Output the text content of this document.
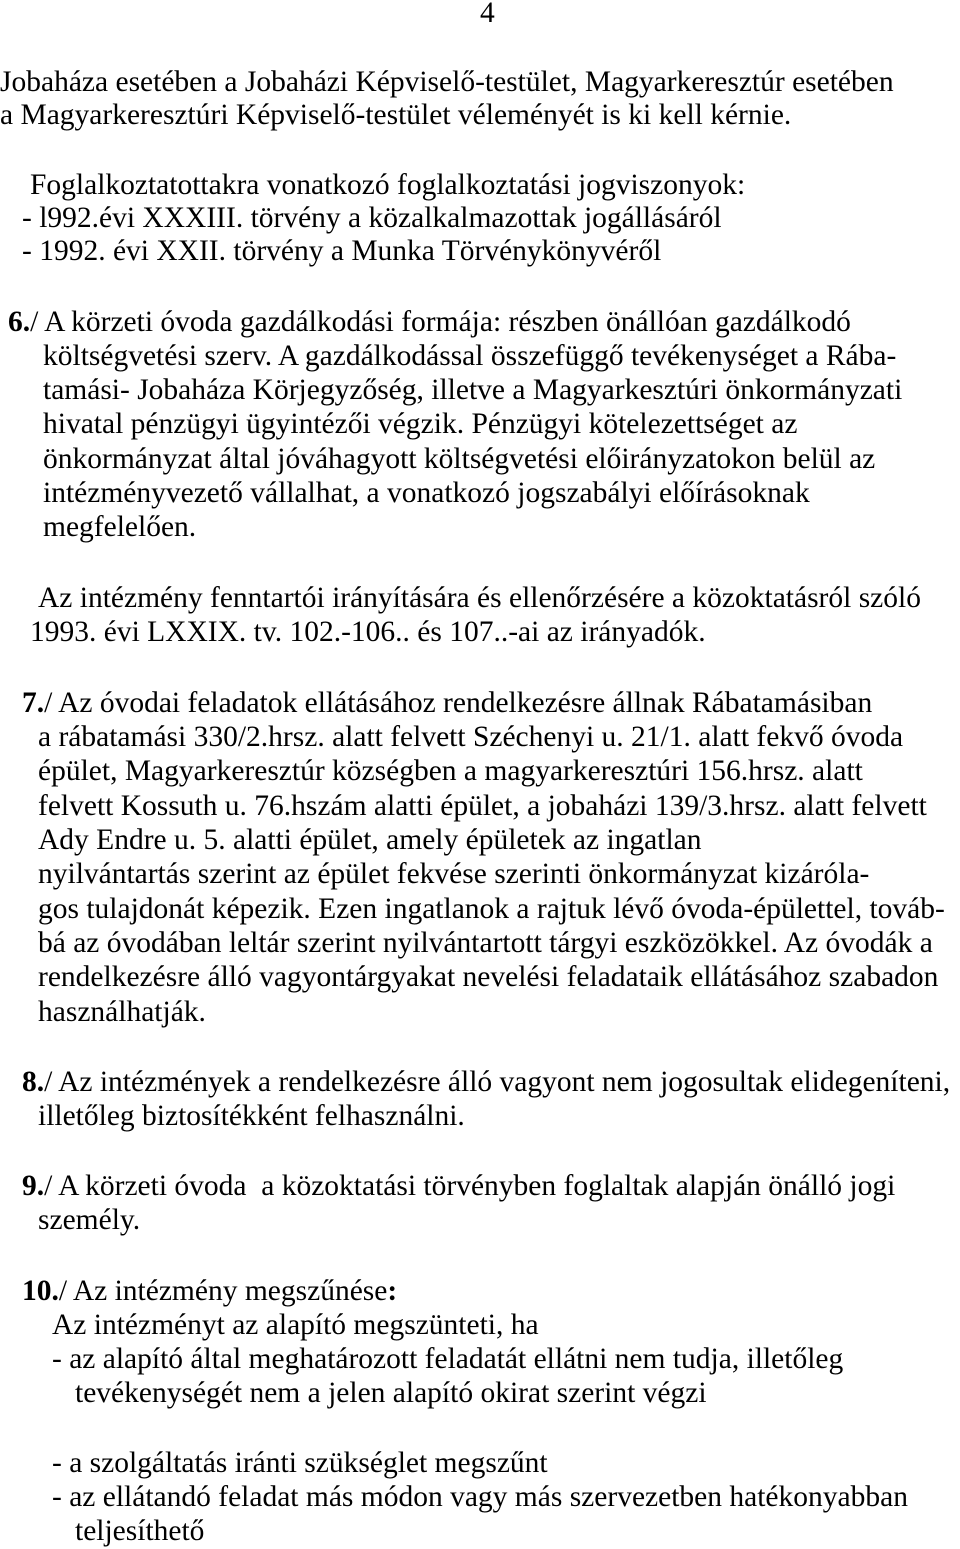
4
Jobaháza esetében a Jobaházi Képviselő-testület, Magyarkeresztúr esetében
a Magyarkeresztúri Képviselő-testület véleményét is ki kell kérnie.
Foglalkoztatottakra vonatkozó foglalkoztatási jogviszonyok:
- l992.évi XXXIII. törvény a közalkalmazottak jogállásáról
- 1992. évi XXII. törvény a Munka Törvénykönyvéről
6./ A körzeti óvoda gazdálkodási formája: részben önállóan gazdálkodó
költségvetési szerv. A gazdálkodással összefüggő tevékenységet a Rába-
tamási- Jobaháza Körjegyzőség, illetve a Magyarkesztúri önkormányzati
hivatal pénzügyi ügyintézői végzik. Pénzügyi kötelezettséget az
önkormányzat által jóváhagyott költségvetési előirányzatokon belül az
intézményvezető vállalhat, a vonatkozó jogszabályi előírásoknak
megfelelően.
Az intézmény fenntartói irányítására és ellenőrzésére a közoktatásról szóló
1993. évi LXXIX. tv. 102.-106.. és 107..-ai az irányadók.
7./ Az óvodai feladatok ellátásához rendelkezésre állnak Rábatamásiban
a rábatamási 330/2.hrsz. alatt felvett Széchenyi u. 21/1. alatt fekvő óvoda
épület, Magyarkeresztúr községben a magyarkeresztúri 156.hrsz. alatt
felvett Kossuth u. 76.hszám alatti épület, a jobaházi 139/3.hrsz. alatt felvett
Ady Endre u. 5. alatti épület, amely épületek az ingatlan
nyilvántartás szerint az épület fekvése szerinti önkormányzat kizáróla-
gos tulajdonát képezik. Ezen ingatlanok a rajtuk lévő óvoda-épülettel, továb-
bá az óvodában leltár szerint nyilvántartott tárgyi eszközökkel. Az óvodák a
rendelkezésre álló vagyontárgyakat nevelési feladataik ellátásához szabadon
használhatják.
8./ Az intézmények a rendelkezésre álló vagyont nem jogosultak elidegeníteni,
illetőleg biztosítékként felhasználni.
9./ A körzeti óvoda  a közoktatási törvényben foglaltak alapján önálló jogi
személy.
10./ Az intézmény megszűnése:
Az intézményt az alapító megszünteti, ha
- az alapító által meghatározott feladatát ellátni nem tudja, illetőleg
tevékenységét nem a jelen alapító okirat szerint végzi
- a szolgáltatás iránti szükséglet megszűnt
- az ellátandó feladat más módon vagy más szervezetben hatékonyabban
teljesíthető
